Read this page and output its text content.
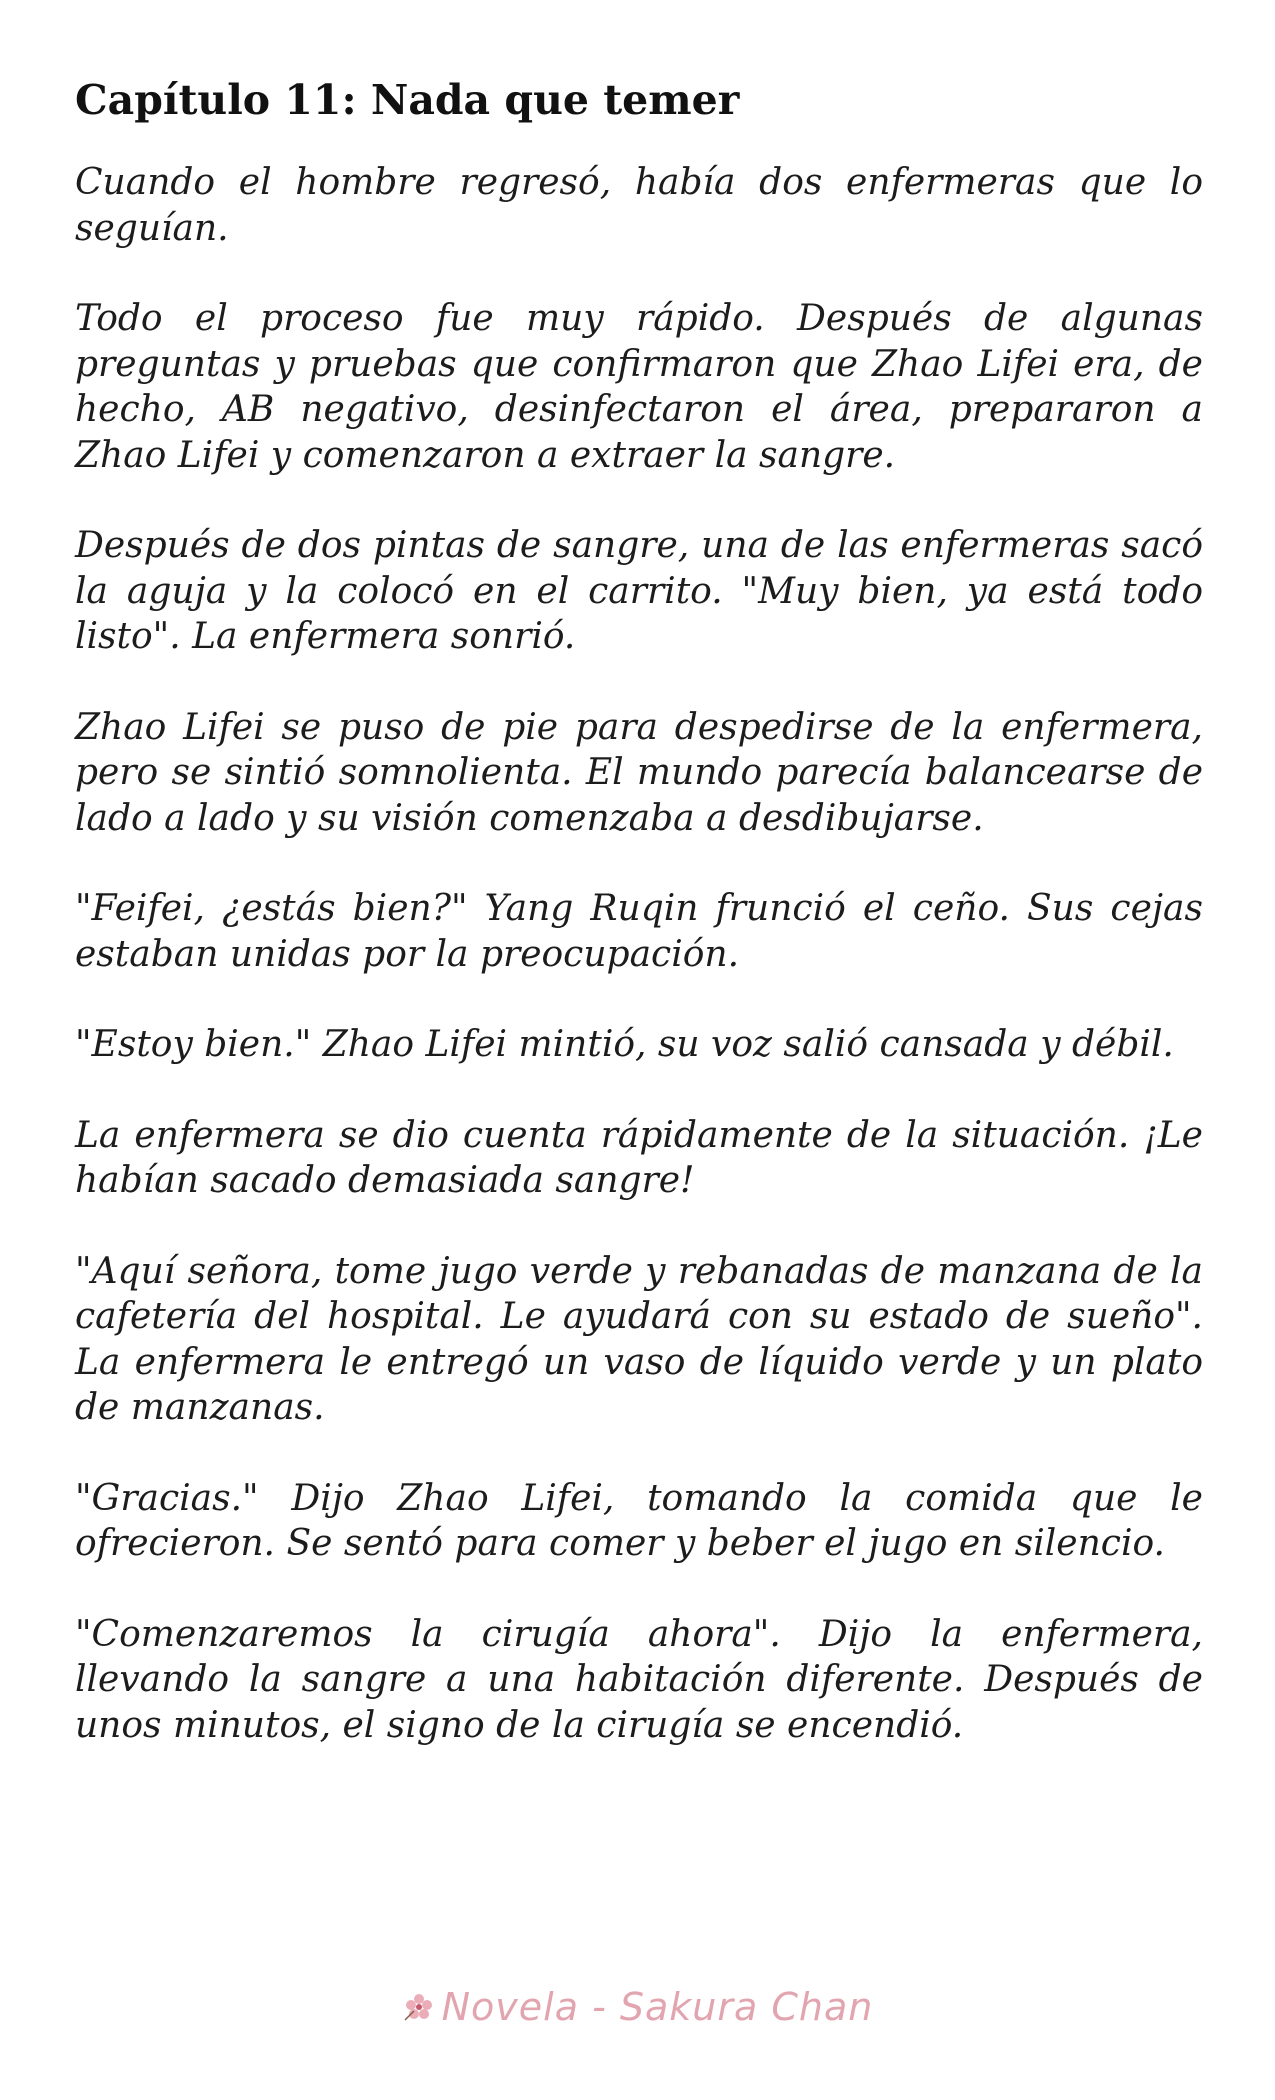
Capítulo 11: Nada que temer

Cuando el hombre regresó, había dos enfermeras que lo seguían.

Todo el proceso fue muy rápido. Después de algunas preguntas y pruebas que confirmaron que Zhao Lifei era, de hecho, AB negativo, desinfectaron el área, prepararon a Zhao Lifei y comenzaron a extraer la sangre.

Después de dos pintas de sangre, una de las enfermeras sacó la aguja y la colocó en el carrito. "Muy bien, ya está todo listo". La enfermera sonrió.

Zhao Lifei se puso de pie para despedirse de la enfermera, pero se sintió somnolienta. El mundo parecía balancearse de lado a lado y su visión comenzaba a desdibujarse.

"Feifei, ¿estás bien?" Yang Ruqin frunció el ceño. Sus cejas estaban unidas por la preocupación.

"Estoy bien." Zhao Lifei mintió, su voz salió cansada y débil.

La enfermera se dio cuenta rápidamente de la situación. ¡Le habían sacado demasiada sangre!

"Aquí señora, tome jugo verde y rebanadas de manzana de la cafetería del hospital. Le ayudará con su estado de sueño". La enfermera le entregó un vaso de líquido verde y un plato de manzanas.

"Gracias." Dijo Zhao Lifei, tomando la comida que le ofrecieron. Se sentó para comer y beber el jugo en silencio.

"Comenzaremos la cirugía ahora". Dijo la enfermera, llevando la sangre a una habitación diferente. Después de unos minutos, el signo de la cirugía se encendió.

Novela - Sakura Chan
